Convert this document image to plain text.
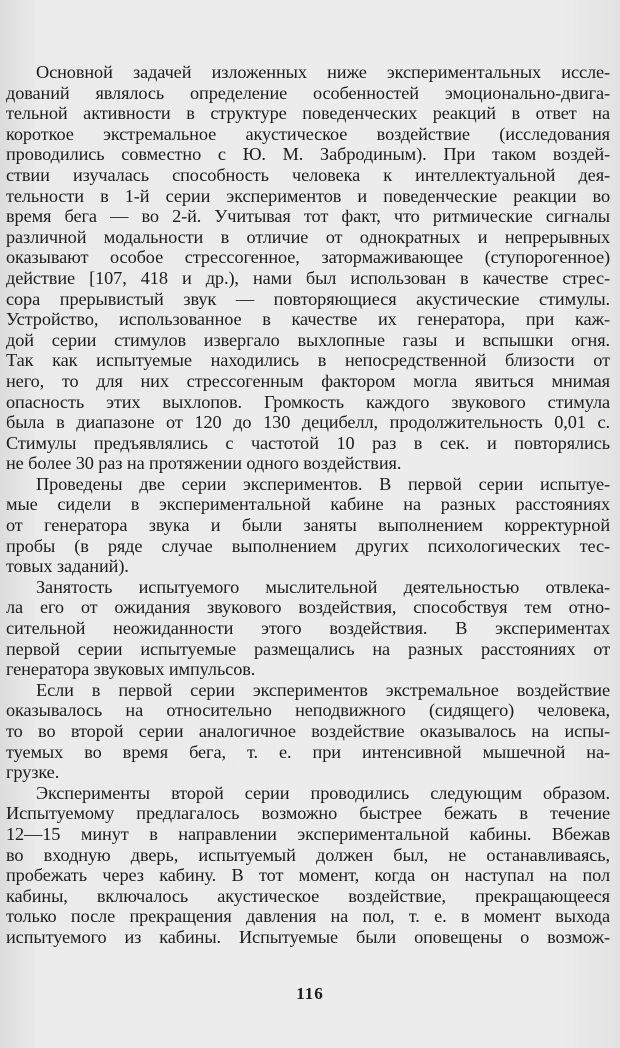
Основной задачей изложенных ниже экспериментальных иссле-
дований являлось определение особенностей эмоционально-двига-
тельной активности в структуре поведенческих реакций в ответ на
короткое экстремальное акустическое воздействие (исследования
проводились совместно с Ю. М. Забродиным). При таком воздей-
ствии изучалась способность человека к интеллектуальной дея-
тельности в 1-й серии экспериментов и поведенческие реакции во
время бега — во 2-й. Учитывая тот факт, что ритмические сигналы
различной модальности в отличие от однократных и непрерывных
оказывают особое стрессогенное, затормаживающее (ступорогенное)
действие [107, 418 и др.), нами был использован в качестве стрес-
сора прерывистый звук — повторяющиеся акустические стимулы.
Устройство, использованное в качестве их генератора, при каж-
дой серии стимулов извергало выхлопные газы и вспышки огня.
Так как испытуемые находились в непосредственной близости от
него, то для них стрессогенным фактором могла явиться мнимая
опасность этих выхлопов. Громкость каждого звукового стимула
была в диапазоне от 120 до 130 децибелл, продолжительность 0,01 с.
Стимулы предъявлялись с частотой 10 раз в сек. и повторялись
не более 30 раз на протяжении одного воздействия.
Проведены две серии экспериментов. В первой серии испытуе-
мые сидели в экспериментальной кабине на разных расстояниях
от генератора звука и были заняты выполнением корректурной
пробы (в ряде случае выполнением других психологических тес-
товых заданий).
Занятость испытуемого мыслительной деятельностью отвлека-
ла его от ожидания звукового воздействия, способствуя тем отно-
сительной неожиданности этого воздействия. В экспериментах
первой серии испытуемые размещались на разных расстояниях от
генератора звуковых импульсов.
Если в первой серии экспериментов экстремальное воздействие
оказывалось на относительно неподвижного (сидящего) человека,
то во второй серии аналогичное воздействие оказывалось на испы-
туемых во время бега, т. е. при интенсивной мышечной на-
грузке.
Эксперименты второй серии проводились следующим образом.
Испытуемому предлагалось возможно быстрее бежать в течение
12—15 минут в направлении экспериментальной кабины. Вбежав
во входную дверь, испытуемый должен был, не останавливаясь,
пробежать через кабину. В тот момент, когда он наступал на пол
кабины, включалось акустическое воздействие, прекращающееся
только после прекращения давления на пол, т. е. в момент выхода
испытуемого из кабины. Испытуемые были оповещены о возмож-
116
